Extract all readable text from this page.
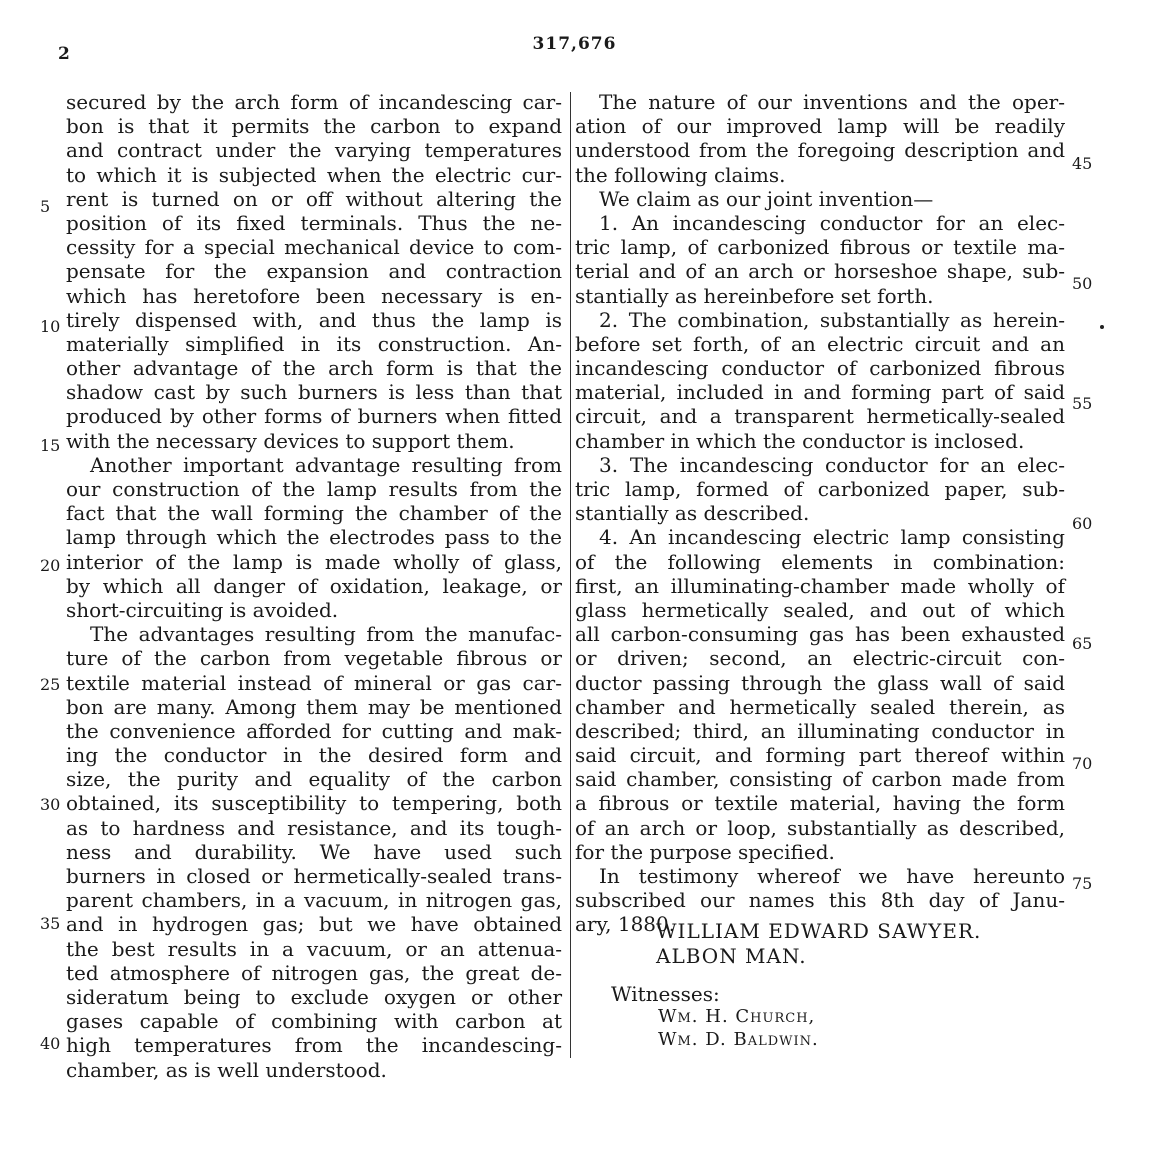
2	317,676
secured by the arch form of incandescing car-
bon is that it permits the carbon to expand
and contract under the varying temperatures
to which it is subjected when the electric cur-
rent is turned on or off without altering the
position of its fixed terminals. Thus the ne-
cessity for a special mechanical device to com-
pensate for the expansion and contraction
which has heretofore been necessary is en-
tirely dispensed with, and thus the lamp is
materially simplified in its construction. An-
other advantage of the arch form is that the
shadow cast by such burners is less than that
produced by other forms of burners when fitted
with the necessary devices to support them.
Another important advantage resulting from
our construction of the lamp results from the
fact that the wall forming the chamber of the
lamp through which the electrodes pass to the
interior of the lamp is made wholly of glass,
by which all danger of oxidation, leakage, or
short-circuiting is avoided.
The advantages resulting from the manufac-
ture of the carbon from vegetable fibrous or
textile material instead of mineral or gas car-
bon are many. Among them may be mentioned
the convenience afforded for cutting and mak-
ing the conductor in the desired form and
size, the purity and equality of the carbon
obtained, its susceptibility to tempering, both
as to hardness and resistance, and its tough-
ness and durability. We have used such
burners in closed or hermetically-sealed trans-
parent chambers, in a vacuum, in nitrogen gas,
and in hydrogen gas; but we have obtained
the best results in a vacuum, or an attenua-
ted atmosphere of nitrogen gas, the great de-
sideratum being to exclude oxygen or other
gases capable of combining with carbon at
high temperatures from the incandescing-
chamber, as is well understood.
The nature of our inventions and the oper-
ation of our improved lamp will be readily
understood from the foregoing description and
the following claims.
We claim as our joint invention—
1. An incandescing conductor for an elec-
tric lamp, of carbonized fibrous or textile ma-
terial and of an arch or horseshoe shape, sub-
stantially as hereinbefore set forth.
2. The combination, substantially as herein-
before set forth, of an electric circuit and an
incandescing conductor of carbonized fibrous
material, included in and forming part of said
circuit, and a transparent hermetically-sealed
chamber in which the conductor is inclosed.
3. The incandescing conductor for an elec-
tric lamp, formed of carbonized paper, sub-
stantially as described.
4. An incandescing electric lamp consisting
of the following elements in combination:
first, an illuminating-chamber made wholly of
glass hermetically sealed, and out of which
all carbon-consuming gas has been exhausted
or driven; second, an electric-circuit con-
ductor passing through the glass wall of said
chamber and hermetically sealed therein, as
described; third, an illuminating conductor in
said circuit, and forming part thereof within
said chamber, consisting of carbon made from
a fibrous or textile material, having the form
of an arch or loop, substantially as described,
for the purpose specified.
In testimony whereof we have hereunto
subscribed our names this 8th day of Janu-
ary, 1880.
5
10
15
20
25
30
35
40
45
50
55
60
65
70
75
WILLIAM EDWARD SAWYER.
ALBON MAN.
Witnesses:
Wm. H. Church,
Wm. D. Baldwin.
